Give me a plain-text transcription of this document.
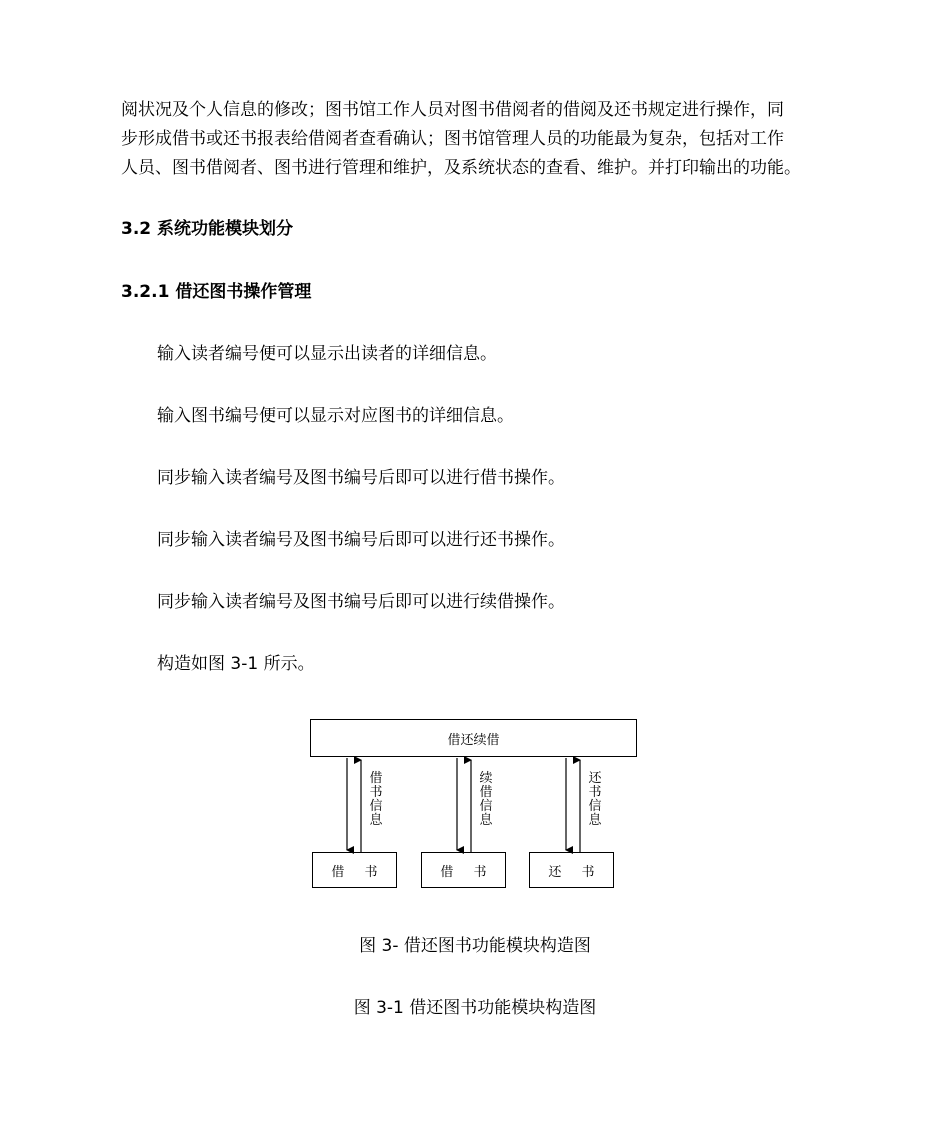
阅状况及个人信息的修改；图书馆工作人员对图书借阅者的借阅及还书规定进行操作，同
步形成借书或还书报表给借阅者查看确认；图书馆管理人员的功能最为复杂，包括对工作
人员、图书借阅者、图书进行管理和维护，及系统状态的查看、维护。并打印输出的功能。
3.2 系统功能模块划分
3.2.1 借还图书操作管理
输入读者编号便可以显示出读者的详细信息。
输入图书编号便可以显示对应图书的详细信息。
同步输入读者编号及图书编号后即可以进行借书操作。
同步输入读者编号及图书编号后即可以进行还书操作。
同步输入读者编号及图书编号后即可以进行续借操作。
构造如图 3-1 所示。
借还续借
借书信息
续借信息
还书信息
借 书	借 书	还 书
图 3- 借还图书功能模块构造图
图 3-1 借还图书功能模块构造图
